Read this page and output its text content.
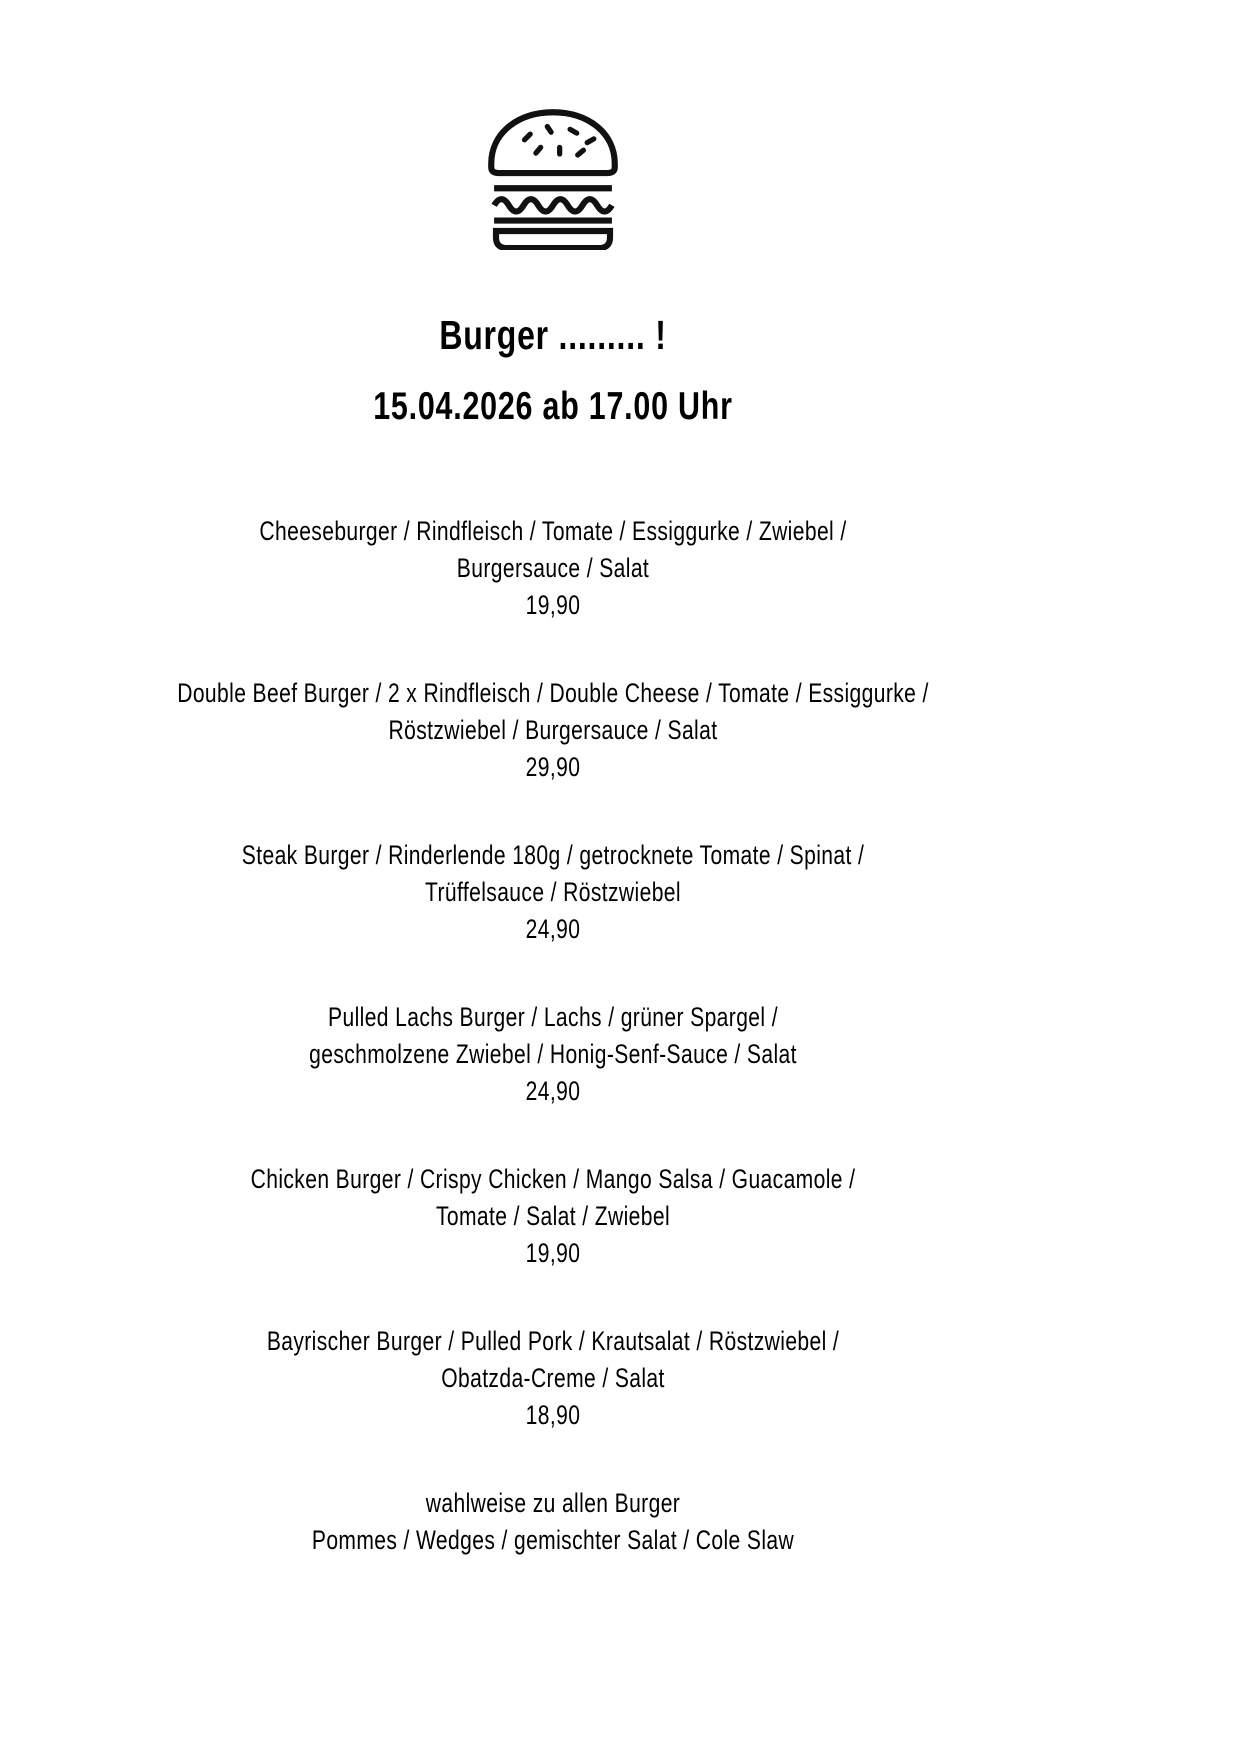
Burger ......... !
15.04.2026 ab 17.00 Uhr
Cheeseburger / Rindfleisch / Tomate / Essiggurke / Zwiebel /
Burgersauce / Salat
19,90
Double Beef Burger / 2 x Rindfleisch / Double Cheese / Tomate / Essiggurke /
Röstzwiebel / Burgersauce / Salat
29,90
Steak Burger / Rinderlende 180g / getrocknete Tomate / Spinat /
Trüffelsauce / Röstzwiebel
24,90
Pulled Lachs Burger / Lachs / grüner Spargel /
geschmolzene Zwiebel / Honig-Senf-Sauce / Salat
24,90
Chicken Burger / Crispy Chicken / Mango Salsa / Guacamole /
Tomate / Salat / Zwiebel
19,90
Bayrischer Burger / Pulled Pork / Krautsalat / Röstzwiebel /
Obatzda-Creme / Salat
18,90
wahlweise zu allen Burger
Pommes / Wedges / gemischter Salat / Cole Slaw
